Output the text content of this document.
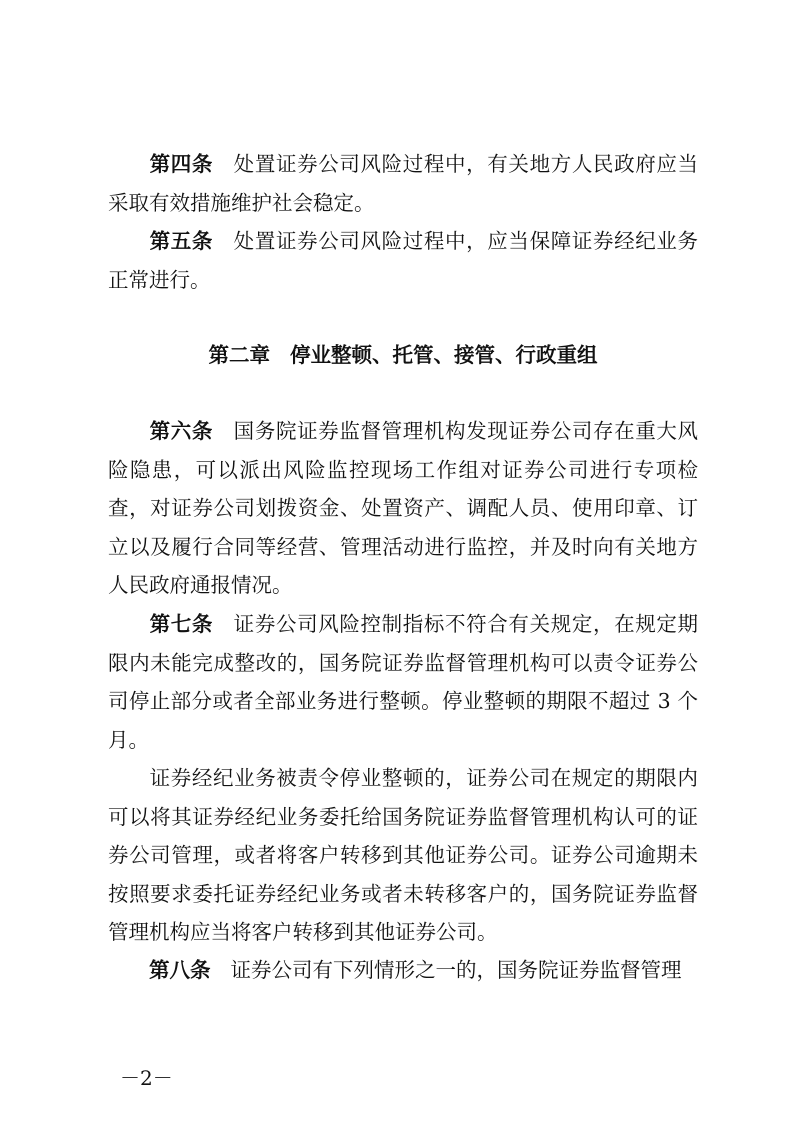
第四条 处置证券公司风险过程中，有关地方人民政府应当采取有效措施维护社会稳定。

第五条 处置证券公司风险过程中，应当保障证券经纪业务正常进行。

第二章 停业整顿、托管、接管、行政重组

第六条 国务院证券监督管理机构发现证券公司存在重大风险隐患，可以派出风险监控现场工作组对证券公司进行专项检查，对证券公司划拨资金、处置资产、调配人员、使用印章、订立以及履行合同等经营、管理活动进行监控，并及时向有关地方人民政府通报情况。

第七条 证券公司风险控制指标不符合有关规定，在规定期限内未能完成整改的，国务院证券监督管理机构可以责令证券公司停止部分或者全部业务进行整顿。停业整顿的期限不超过 3 个月。

证券经纪业务被责令停业整顿的，证券公司在规定的期限内可以将其证券经纪业务委托给国务院证券监督管理机构认可的证券公司管理，或者将客户转移到其他证券公司。证券公司逾期未按照要求委托证券经纪业务或者未转移客户的，国务院证券监督管理机构应当将客户转移到其他证券公司。

第八条 证券公司有下列情形之一的，国务院证券监督管理

－2－
